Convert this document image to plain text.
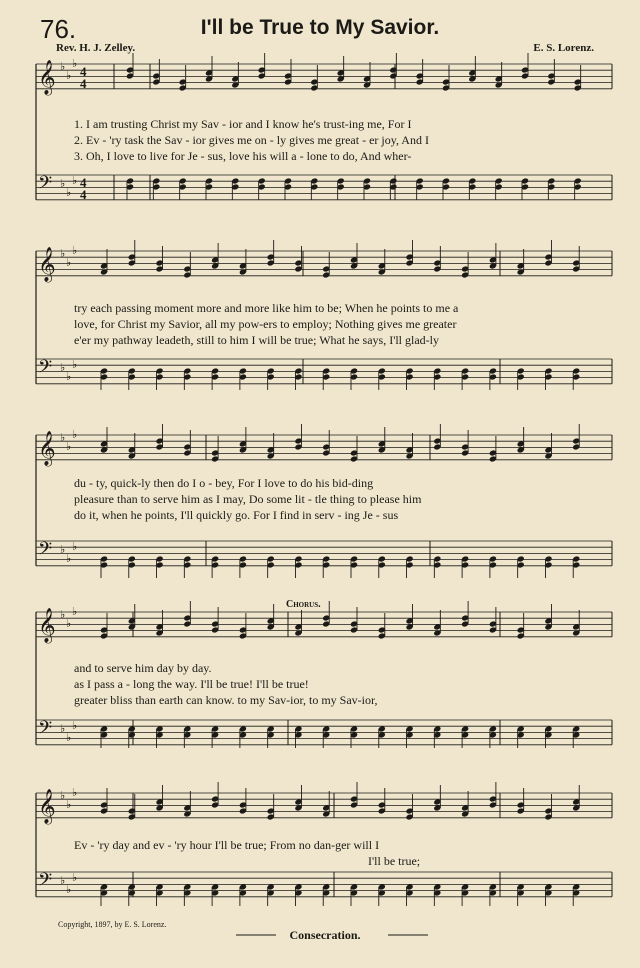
76.	I'll be True to My Savior.
Rev. H. J. Zelley.	E. S. Lorenz.
𝄞 ♭
♭
♭
4
4
𝄢 ♭
♭
♭ 4
4
𝄞 ♭
♭
♭
𝄢 ♭
♭
♭
𝄞 ♭
♭
♭
𝄢 ♭
♭
♭
𝄞 ♭
♭
♭
𝄢 ♭
♭
♭
𝄞 ♭
♭
♭
𝄢 ♭
♭
♭
1. I am trusting Christ my Sav - ior and I know he's trust-ing me, For I
2. Ev - 'ry task the Sav - ior gives me on - ly gives me great - er joy, And I
3. Oh, I love to live for Je - sus, love his will a - lone to do, And wher-
try each passing moment more and more like him to be; When he points to me a
love, for Christ my Savior, all my pow-ers to employ; Nothing gives me greater
e'er my pathway leadeth, still to him I will be true; What he says, I'll glad-ly
du - ty, quick-ly then do I o - bey, For I love to do his bid-ding
pleasure than to serve him as I may, Do some lit - tle thing to please him
do it, when he points, I'll quickly go. For I find in serv - ing Je - sus
Chorus.
and to serve him day by day.
as I pass a - long the way. I'll be true! I'll be true!
greater bliss than earth can know. to my Sav-ior, to my Sav-ior,
Ev - 'ry day and ev - 'ry hour I'll be true; From no dan-ger will I
I'll be true;
Copyright, 1897, by E. S. Lorenz.
Consecration.
